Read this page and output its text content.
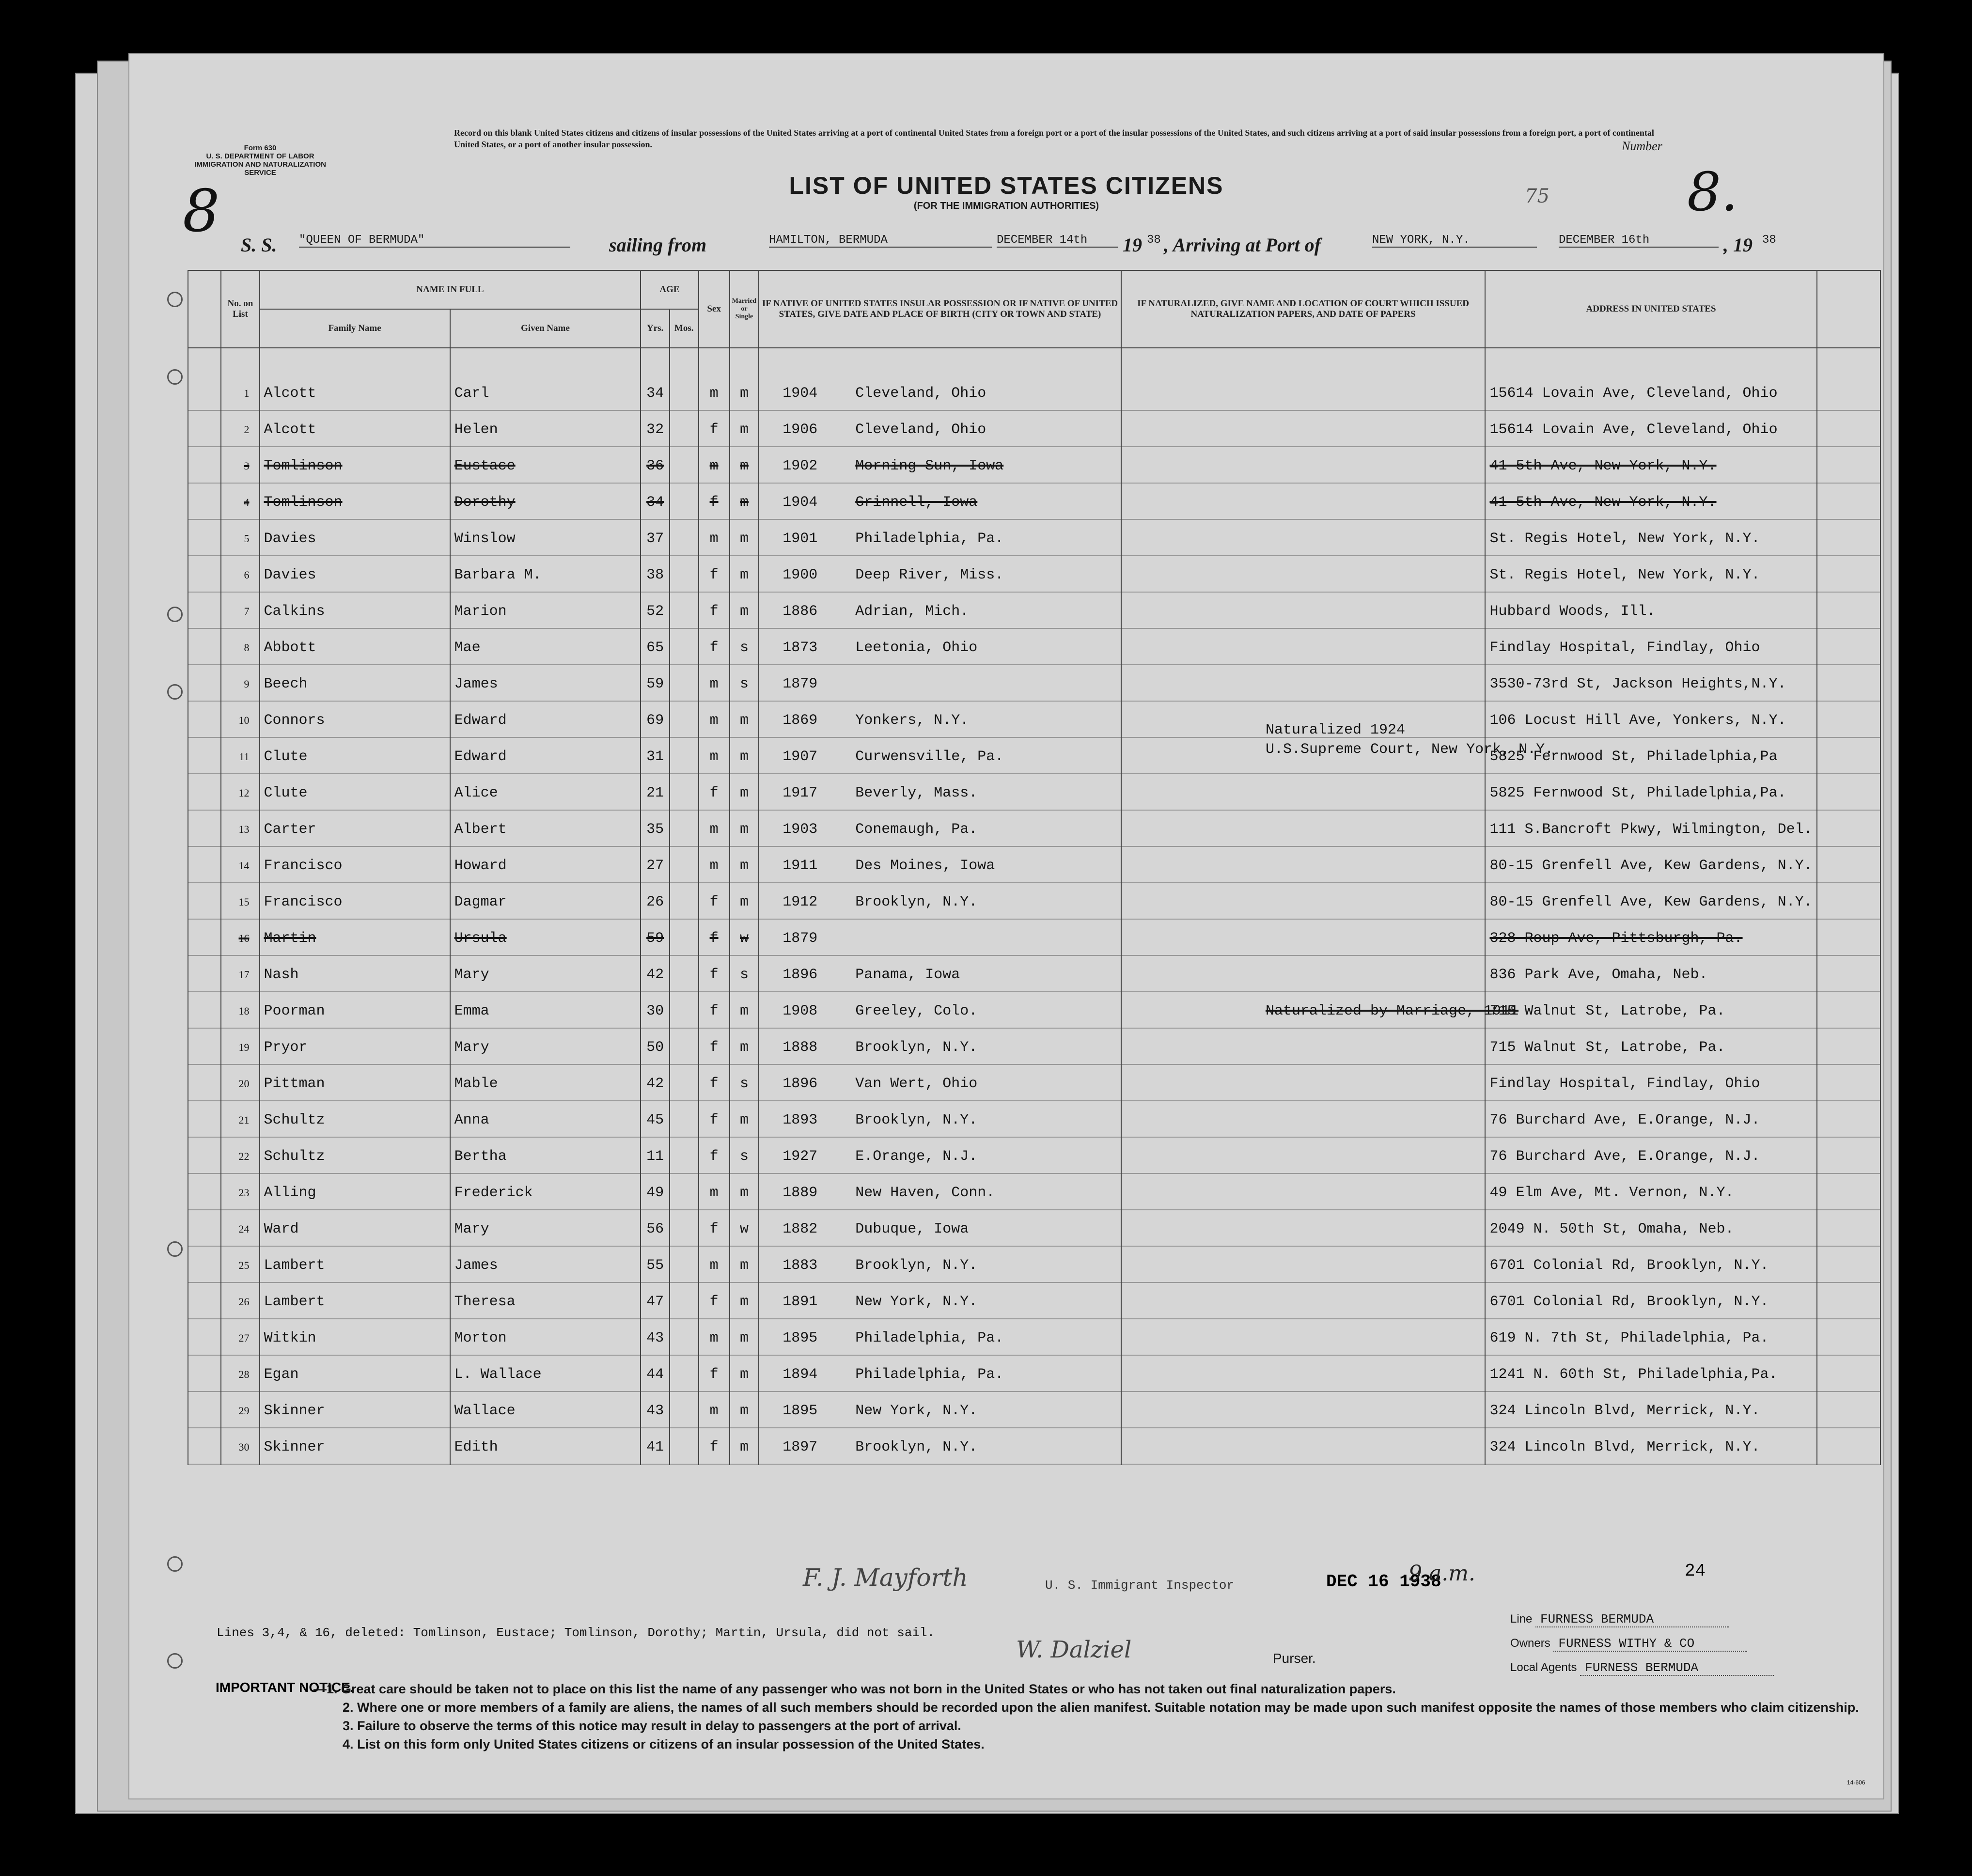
Form 630
U. S. DEPARTMENT OF LABOR
IMMIGRATION AND NATURALIZATION SERVICE
Record on this blank United States citizens and citizens of insular possessions of the United States arriving at a port of continental United States from a foreign port or a port of the insular possessions of the United States, and such citizens arriving at a port of said insular possessions from a foreign port, a port of continental United States, or a port of another insular possession.
LIST OF UNITED STATES CITIZENS
(FOR THE IMMIGRATION AUTHORITIES)
Number
8.
8	75
S. S. "QUEEN OF BERMUDA"	sailing from	HAMILTON, BERMUDA	DECEMBER 14th	19 38 , Arriving at Port of	NEW YORK, N.Y.	DECEMBER 16th	, 19 38
	No. on List	NAME IN FULL		AGE		Sex	Married or Single	IF NATIVE OF UNITED STATES INSULAR POSSESSION OR IF NATIVE OF UNITED STATES, GIVE DATE AND PLACE OF BIRTH (CITY OR TOWN AND STATE)	IF NATURALIZED, GIVE NAME AND LOCATION OF COURT WHICH ISSUED NATURALIZATION PAPERS, AND DATE OF PAPERS	ADDRESS IN UNITED STATES	
		Family Name	Given Name	Yrs.	Mos.						

	1	Alcott	Carl	34		m	m	1904 Cleveland, Ohio		15614 Lovain Ave, Cleveland, Ohio	
	2	Alcott	Helen	32		f	m	1906 Cleveland, Ohio		15614 Lovain Ave, Cleveland, Ohio	
	3	Tomlinson	Eustace	36		m	m	1902 Morning Sun, Iowa		41-5th Ave, New York, N.Y.	
	4	Tomlinson	Dorothy	34		f	m	1904 Grinnell, Iowa		41-5th Ave, New York, N.Y.	
	5	Davies	Winslow	37		m	m	1901 Philadelphia, Pa.		St. Regis Hotel, New York, N.Y.	
	6	Davies	Barbara M.	38		f	m	1900 Deep River, Miss.		St. Regis Hotel, New York, N.Y.	
	7	Calkins	Marion	52		f	m	1886 Adrian, Mich.		Hubbard Woods, Ill.	
	8	Abbott	Mae	65		f	s	1873 Leetonia, Ohio		Findlay Hospital, Findlay, Ohio	
	9	Beech	James	59		m	s	1879		3530-73rd St, Jackson Heights,N.Y.	
	10	Connors	Edward	69		m	m	1869 Yonkers, N.Y.		106 Locust Hill Ave, Yonkers, N.Y.	
	11	Clute	Edward	31		m	m	1907 Curwensville, Pa.		5825 Fernwood St, Philadelphia,Pa	
	12	Clute	Alice	21		f	m	1917 Beverly, Mass.		5825 Fernwood St, Philadelphia,Pa.	
	13	Carter	Albert	35		m	m	1903 Conemaugh, Pa.		111 S.Bancroft Pkwy, Wilmington, Del.	
	14	Francisco	Howard	27		m	m	1911 Des Moines, Iowa		80-15 Grenfell Ave, Kew Gardens, N.Y.	
	15	Francisco	Dagmar	26		f	m	1912 Brooklyn, N.Y.		80-15 Grenfell Ave, Kew Gardens, N.Y.	
	16	Martin	Ursula	59		f	w	1879		328 Roup Ave, Pittsburgh, Pa.	
	17	Nash	Mary	42		f	s	1896 Panama, Iowa		836 Park Ave, Omaha, Neb.	
	18	Poorman	Emma	30		f	m	1908 Greeley, Colo.		715 Walnut St, Latrobe, Pa.	
	19	Pryor	Mary	50		f	m	1888 Brooklyn, N.Y.		715 Walnut St, Latrobe, Pa.	
	20	Pittman	Mable	42		f	s	1896 Van Wert, Ohio		Findlay Hospital, Findlay, Ohio	
	21	Schultz	Anna	45		f	m	1893 Brooklyn, N.Y.		76 Burchard Ave, E.Orange, N.J.	
	22	Schultz	Bertha	11		f	s	1927 E.Orange, N.J.		76 Burchard Ave, E.Orange, N.J.	
	23	Alling	Frederick	49		m	m	1889 New Haven, Conn.		49 Elm Ave, Mt. Vernon, N.Y.	
	24	Ward	Mary	56		f	w	1882 Dubuque, Iowa		2049 N. 50th St, Omaha, Neb.	
	25	Lambert	James	55		m	m	1883 Brooklyn, N.Y.		6701 Colonial Rd, Brooklyn, N.Y.	
	26	Lambert	Theresa	47		f	m	1891 New York, N.Y.		6701 Colonial Rd, Brooklyn, N.Y.	
	27	Witkin	Morton	43		m	m	1895 Philadelphia, Pa.		619 N. 7th St, Philadelphia, Pa.	
	28	Egan	L. Wallace	44		f	m	1894 Philadelphia, Pa.		1241 N. 60th St, Philadelphia,Pa.	
	29	Skinner	Wallace	43		m	m	1895 New York, N.Y.		324 Lincoln Blvd, Merrick, N.Y.	
	30	Skinner	Edith	41		f	m	1897 Brooklyn, N.Y.		324 Lincoln Blvd, Merrick, N.Y.	
Naturalized 1924
U.S.Supreme Court, New York, N.Y.
Naturalized by Marriage, 1911
F. J. Mayforth	U. S. Immigrant Inspector	DEC 16 1938
9 a.m.	24
Lines 3,4, & 16, deleted: Tomlinson, Eustace; Tomlinson, Dorothy; Martin, Ursula, did not sail.
W. Dalziel	Purser.
Line FURNESS BERMUDA
Owners FURNESS WITHY & CO
Local Agents FURNESS BERMUDA
IMPORTANT NOTICE.
—1. Great care should be taken not to place on this list the name of any passenger who was not born in the United States or who has not taken out final naturalization papers.
2. Where one or more members of a family are aliens, the names of all such members should be recorded upon the alien manifest. Suitable notation may be made upon such manifest opposite the names of those members who claim citizenship.
3. Failure to observe the terms of this notice may result in delay to passengers at the port of arrival.
4. List on this form only United States citizens or citizens of an insular possession of the United States.
14-606
